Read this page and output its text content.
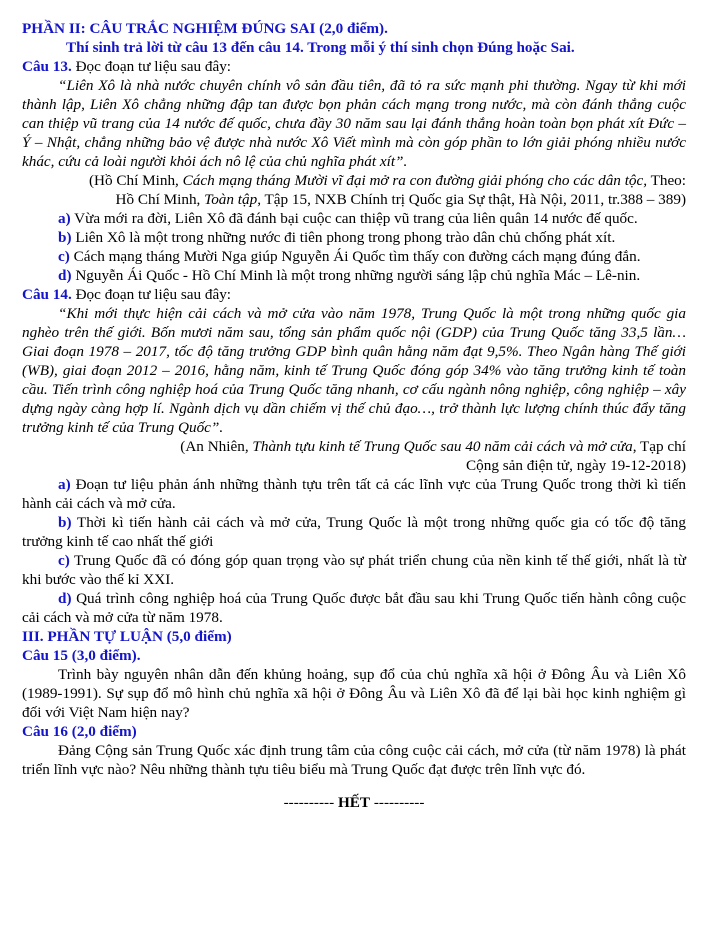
PHẦN II: CÂU TRẮC NGHIỆM ĐÚNG SAI (2,0 điểm).

Thí sinh trả lời từ câu 13 đến câu 14. Trong mỗi ý thí sinh chọn Đúng hoặc Sai.

Câu 13. Đọc đoạn tư liệu sau đây:

“Liên Xô là nhà nước chuyên chính vô sản đầu tiên, đã tỏ ra sức mạnh phi thường. Ngay từ khi mới thành lập, Liên Xô chẳng những đập tan được bọn phản cách mạng trong nước, mà còn đánh thắng cuộc can thiệp vũ trang của 14 nước đế quốc, chưa đầy 30 năm sau lại đánh thắng hoàn toàn bọn phát xít Đức – Ý – Nhật, chẳng những bảo vệ được nhà nước Xô Viết mình mà còn góp phần to lớn giải phóng nhiều nước khác, cứu cả loài người khỏi ách nô lệ của chủ nghĩa phát xít”.

(Hồ Chí Minh, Cách mạng tháng Mười vĩ đại mở ra con đường giải phóng cho các dân tộc, Theo: Hồ Chí Minh, Toàn tập, Tập 15, NXB Chính trị Quốc gia Sự thật, Hà Nội, 2011, tr.388 – 389)

a) Vừa mới ra đời, Liên Xô đã đánh bại cuộc can thiệp vũ trang của liên quân 14 nước đế quốc.

b) Liên Xô là một trong những nước đi tiên phong trong phong trào dân chủ chống phát xít.

c) Cách mạng tháng Mười Nga giúp Nguyễn Ái Quốc tìm thấy con đường cách mạng đúng đắn.

d) Nguyễn Ái Quốc - Hồ Chí Minh là một trong những người sáng lập chủ nghĩa Mác – Lê-nin.

Câu 14. Đọc đoạn tư liệu sau đây:

“Khi mới thực hiện cải cách và mở cửa vào năm 1978, Trung Quốc là một trong những quốc gia nghèo trên thế giới. Bốn mươi năm sau, tổng sản phẩm quốc nội (GDP) của Trung Quốc tăng 33,5 lần… Giai đoạn 1978 – 2017, tốc độ tăng trưởng GDP bình quân hằng năm đạt 9,5%. Theo Ngân hàng Thế giới (WB), giai đoạn 2012 – 2016, hằng năm, kinh tế Trung Quốc đóng góp 34% vào tăng trưởng kinh tế toàn cầu. Tiến trình công nghiệp hoá của Trung Quốc tăng nhanh, cơ cấu ngành nông nghiệp, công nghiệp – xây dựng ngày càng hợp lí. Ngành dịch vụ dần chiếm vị thế chủ đạo…, trở thành lực lượng chính thúc đẩy tăng trưởng kinh tế của Trung Quốc”.

(An Nhiên, Thành tựu kinh tế Trung Quốc sau 40 năm cải cách và mở cửa, Tạp chí Cộng sản điện tử, ngày 19-12-2018)

a) Đoạn tư liệu phản ánh những thành tựu trên tất cả các lĩnh vực của Trung Quốc trong thời kì tiến hành cải cách và mở cửa.

b) Thời kì tiến hành cải cách và mở cửa, Trung Quốc là một trong những quốc gia có tốc độ tăng trưởng kinh tế cao nhất thế giới

c) Trung Quốc đã có đóng góp quan trọng vào sự phát triển chung của nền kinh tế thế giới, nhất là từ khi bước vào thế kỉ XXI.

d) Quá trình công nghiệp hoá của Trung Quốc được bắt đầu sau khi Trung Quốc tiến hành công cuộc cải cách và mở cửa từ năm 1978.

III. PHẦN TỰ LUẬN (5,0 điểm)

Câu 15 (3,0 điểm).

Trình bày nguyên nhân dẫn đến khủng hoảng, sụp đổ của chủ nghĩa xã hội ở Đông Âu và Liên Xô (1989-1991). Sự sụp đổ mô hình chủ nghĩa xã hội ở Đông Âu và Liên Xô đã để lại bài học kinh nghiệm gì đối với Việt Nam hiện nay?

Câu 16 (2,0 điểm)

Đảng Cộng sản Trung Quốc xác định trung tâm của công cuộc cải cách, mở cửa (từ năm 1978) là phát triển lĩnh vực nào? Nêu những thành tựu tiêu biểu mà Trung Quốc đạt được trên lĩnh vực đó.

---------- HẾT ----------
